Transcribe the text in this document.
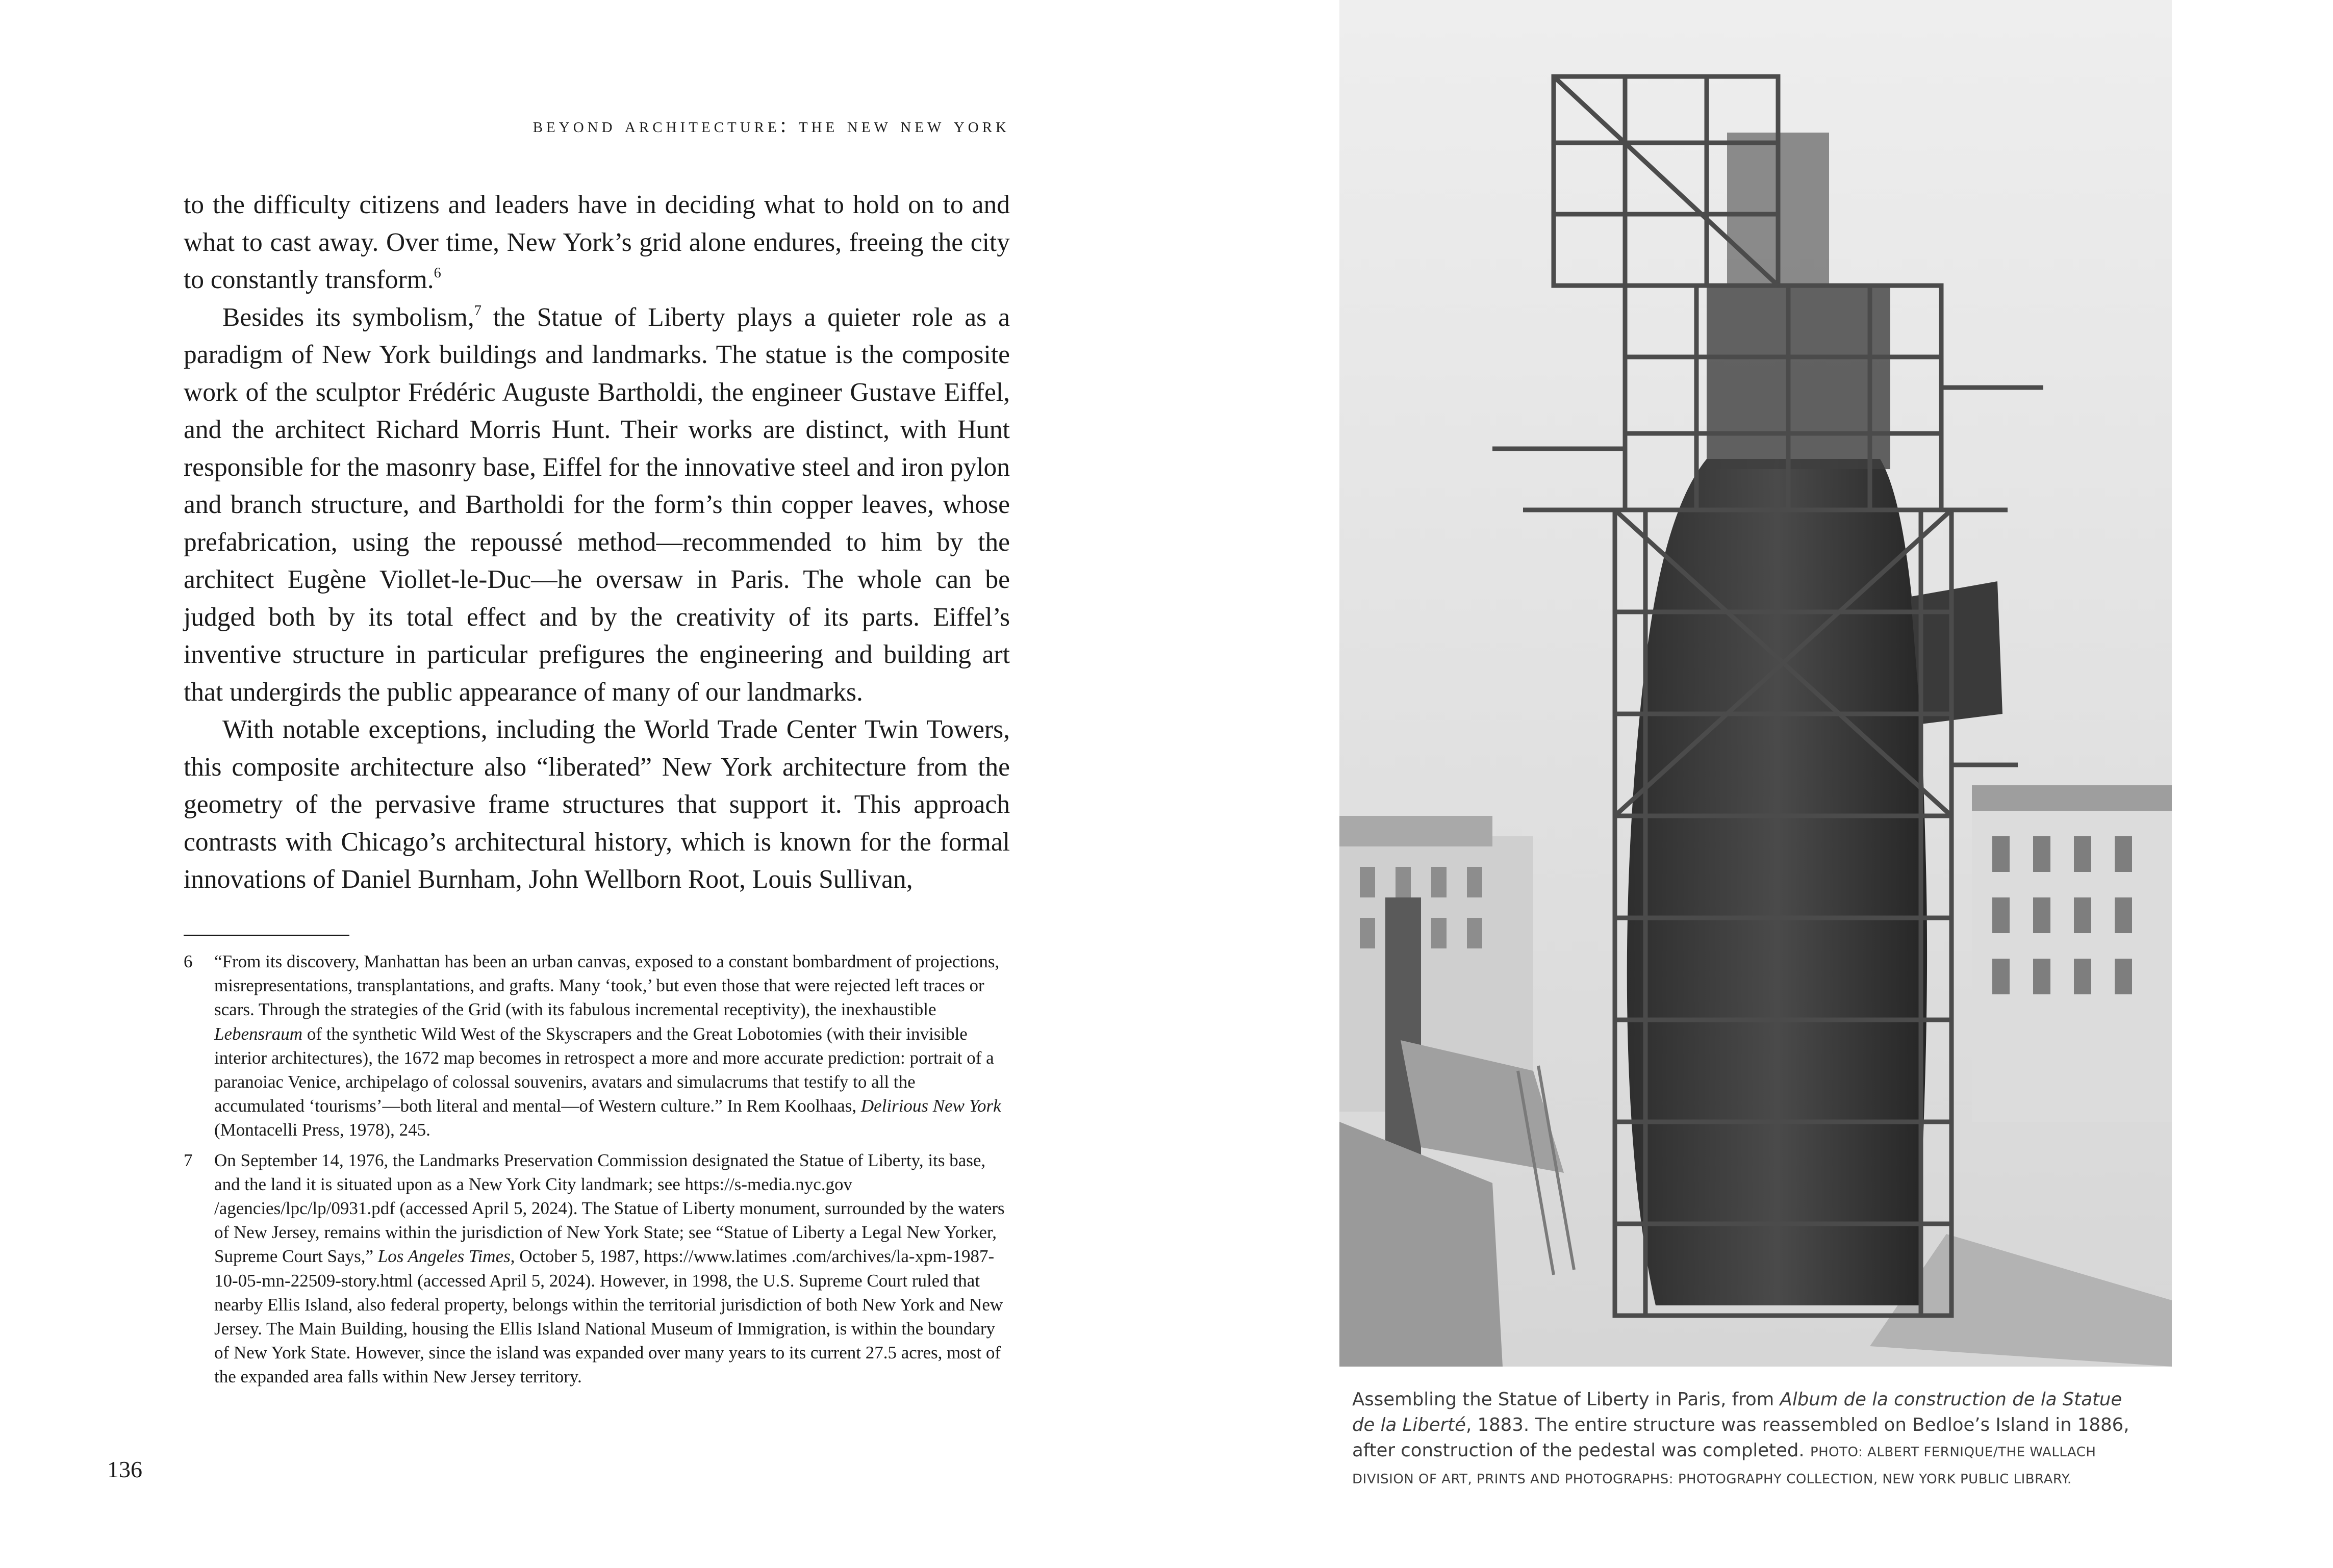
beyond architecture: the new new york

to the difficulty citizens and leaders have in deciding what to hold on to and what to cast away. Over time, New York’s grid alone endures, freeing the city to constantly transform.$^6$

Besides its symbolism,$^7$ the Statue of Liberty plays a quieter role as a paradigm of New York buildings and landmarks. The statue is the composite work of the sculptor Frédéric Auguste Bartholdi, the engineer Gustave Eiffel, and the architect Richard Morris Hunt. Their works are distinct, with Hunt responsible for the masonry base, Eiffel for the innovative steel and iron pylon and branch structure, and Bartholdi for the form’s thin copper leaves, whose prefabrication, using the repoussé method—recommended to him by the architect Eugène Viollet-le-Duc—he oversaw in Paris. The whole can be judged both by its total effect and by the creativity of its parts. Eiffel’s inventive structure in particular prefigures the engineering and building art that undergirds the public appearance of many of our landmarks.

With notable exceptions, including the World Trade Center Twin Towers, this composite architecture also “liberated” New York architecture from the geometry of the pervasive frame structures that support it. This approach contrasts with Chicago’s architectural history, which is known for the formal innovations of Daniel Burnham, John Wellborn Root, Louis Sullivan,

6	“From its discovery, Manhattan has been an urban canvas, exposed to a constant bombardment of projections, misrepresentations, transplantations, and grafts. Many ‘took,’ but even those that were rejected left traces or scars. Through the strategies of the Grid (with its fabulous incremental receptivity), the inexhaustible Lebensraum of the synthetic Wild West of the Skyscrapers and the Great Lobotomies (with their invisible interior architectures), the 1672 map becomes in retrospect a more and more accurate prediction: portrait of a paranoiac Venice, archipelago of colossal souvenirs, avatars and simulacrums that testify to all the accumulated ‘tourisms’—both literal and mental—of Western culture.” In Rem Koolhaas, Delirious New York (Montacelli Press, 1978), 245.
7	On September 14, 1976, the Landmarks Preservation Commission designated the Statue of Liberty, its base, and the land it is situated upon as a New York City landmark; see https://s-media.nyc.gov /agencies/lpc/lp/0931.pdf (accessed April 5, 2024). The Statue of Liberty monument, surrounded by the waters of New Jersey, remains within the jurisdiction of New York State; see “Statue of Liberty a Legal New Yorker, Supreme Court Says,” Los Angeles Times, October 5, 1987, https://www.latimes .com/archives/la-xpm-1987-10-05-mn-22509-story.html (accessed April 5, 2024). However, in 1998, the U.S. Supreme Court ruled that nearby Ellis Island, also federal property, belongs within the territorial jurisdiction of both New York and New Jersey. The Main Building, housing the Ellis Island National Museum of Immigration, is within the boundary of New York State. However, since the island was expanded over many years to its current 27.5 acres, most of the expanded area falls within New Jersey territory.
136
Assembling the Statue of Liberty in Paris, from Album de la construction de la Statue de la Liberté, 1883. The entire structure was reassembled on Bedloe’s Island in 1886, after construction of the pedestal was completed. PHOTO: ALBERT FERNIQUE/THE WALLACH DIVISION OF ART, PRINTS AND PHOTOGRAPHS: PHOTOGRAPHY COLLECTION, NEW YORK PUBLIC LIBRARY.
